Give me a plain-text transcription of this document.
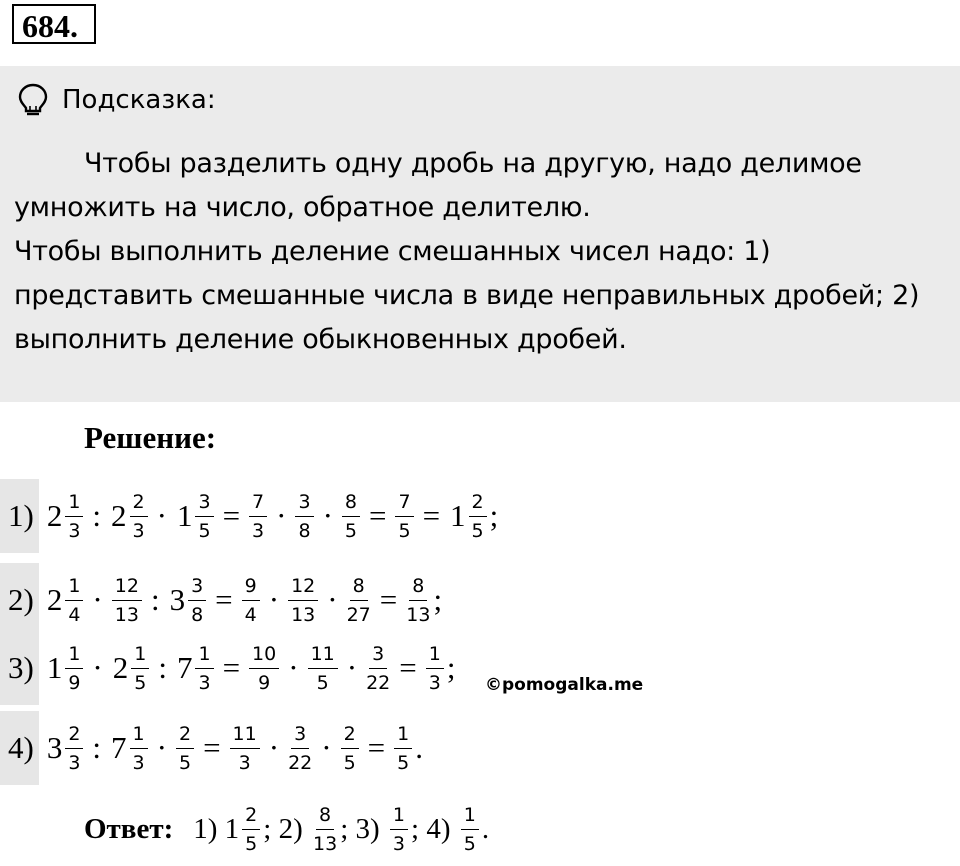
684.
Подсказка:

Чтобы разделить одну дробь на другую, надо делимое умножить на число, обратное делителю.

Чтобы выполнить деление смешанных чисел надо: 1) представить смешанные числа в виде неправильных дробей; 2) выполнить деление обыкновенных дробей.

Решение:
1) $2 \frac{1}{3}$ : $2 \frac{2}{3} \cdot 1 \frac{3}{5} = \frac{7}{3} \cdot \frac{3}{8} \cdot \frac{8}{5} = \frac{7}{5} = 1 \frac{2}{5}$ ;
2) $2 \frac{1}{4} \cdot \frac{12}{13}$ : $3 \frac{3}{8} = \frac{9}{4} \cdot \frac{12}{13} \cdot \frac{8}{27} = \frac{8}{13}$ ;
3) $1 \frac{1}{9} \cdot 2 \frac{1}{5}$ : $7 \frac{1}{3} = \frac{10}{9} \cdot \frac{11}{5} \cdot \frac{3}{22} = \frac{1}{3}$ ;
4) $3 \frac{2}{3}$ : $7 \frac{1}{3} \cdot \frac{2}{5} = \frac{11}{3} \cdot \frac{3}{22} \cdot \frac{2}{5} = \frac{1}{5}$ .
©pomogalka.me
Ответ: 1) $1 \frac{2}{5}$ ; $2) \frac{8}{13}$ ; $3) \frac{1}{3}$ ; $4) \frac{1}{5}$ .
